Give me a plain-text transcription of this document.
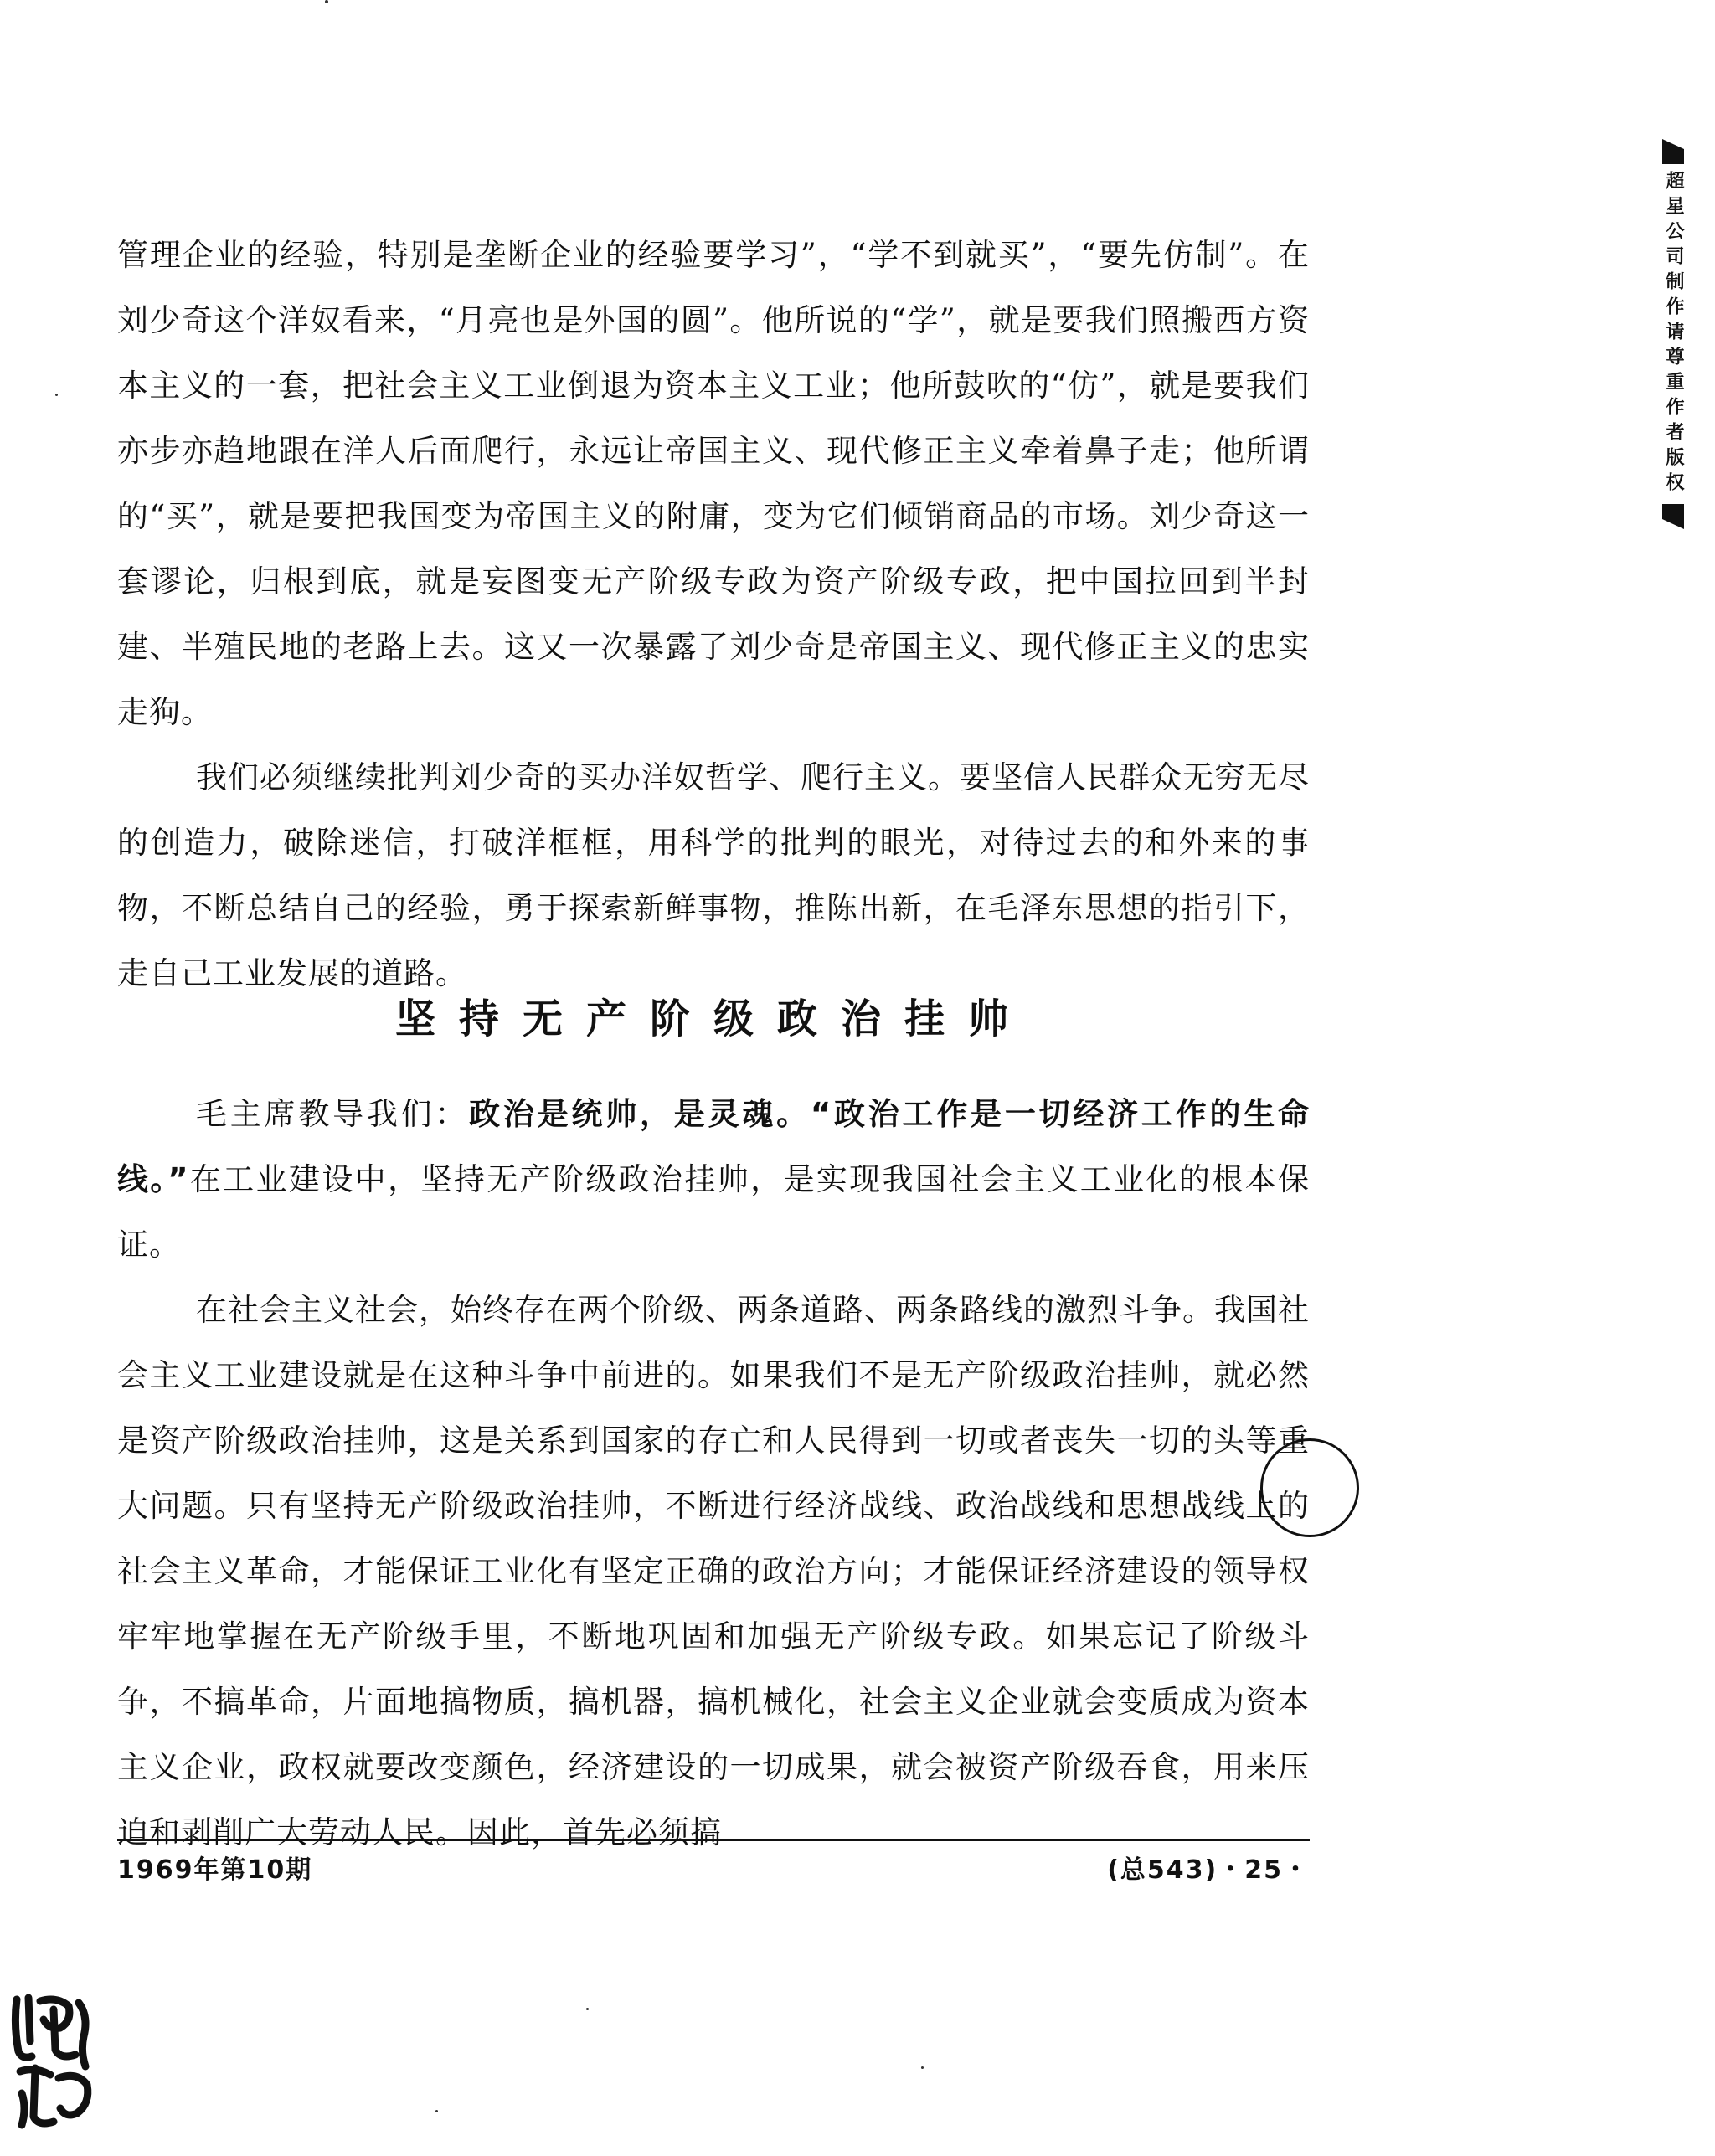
超星公司制作请尊重作者版权

管理企业的经验，特别是垄断企业的经验要学习”，“学不到就买”，“要先仿制”。在刘少奇这个洋奴看来，“月亮也是外国的圆”。他所说的“学”，就是要我们照搬西方资本主义的一套，把社会主义工业倒退为资本主义工业；他所鼓吹的“仿”，就是要我们亦步亦趋地跟在洋人后面爬行，永远让帝国主义、现代修正主义牵着鼻子走；他所谓的“买”，就是要把我国变为帝国主义的附庸，变为它们倾销商品的市场。刘少奇这一套谬论，归根到底，就是妄图变无产阶级专政为资产阶级专政，把中国拉回到半封建、半殖民地的老路上去。这又一次暴露了刘少奇是帝国主义、现代修正主义的忠实走狗。

我们必须继续批判刘少奇的买办洋奴哲学、爬行主义。要坚信人民群众无穷无尽的创造力，破除迷信，打破洋框框，用科学的批判的眼光，对待过去的和外来的事物，不断总结自己的经验，勇于探索新鲜事物，推陈出新，在毛泽东思想的指引下，走自己工业发展的道路。

坚持无产阶级政治挂帅

毛主席教导我们：政治是统帅，是灵魂。“政治工作是一切经济工作的生命线。”在工业建设中，坚持无产阶级政治挂帅，是实现我国社会主义工业化的根本保证。

在社会主义社会，始终存在两个阶级、两条道路、两条路线的激烈斗争。我国社会主义工业建设就是在这种斗争中前进的。如果我们不是无产阶级政治挂帅，就必然是资产阶级政治挂帅，这是关系到国家的存亡和人民得到一切或者丧失一切的头等重大问题。只有坚持无产阶级政治挂帅，不断进行经济战线、政治战线和思想战线上的社会主义革命，才能保证工业化有坚定正确的政治方向；才能保证经济建设的领导权牢牢地掌握在无产阶级手里，不断地巩固和加强无产阶级专政。如果忘记了阶级斗争，不搞革命，片面地搞物质，搞机器，搞机械化，社会主义企业就会变质成为资本主义企业，政权就要改变颜色，经济建设的一切成果，就会被资产阶级吞食，用来压迫和剥削广大劳动人民。因此，首先必须搞

1969年第10期	(总543)・25・
